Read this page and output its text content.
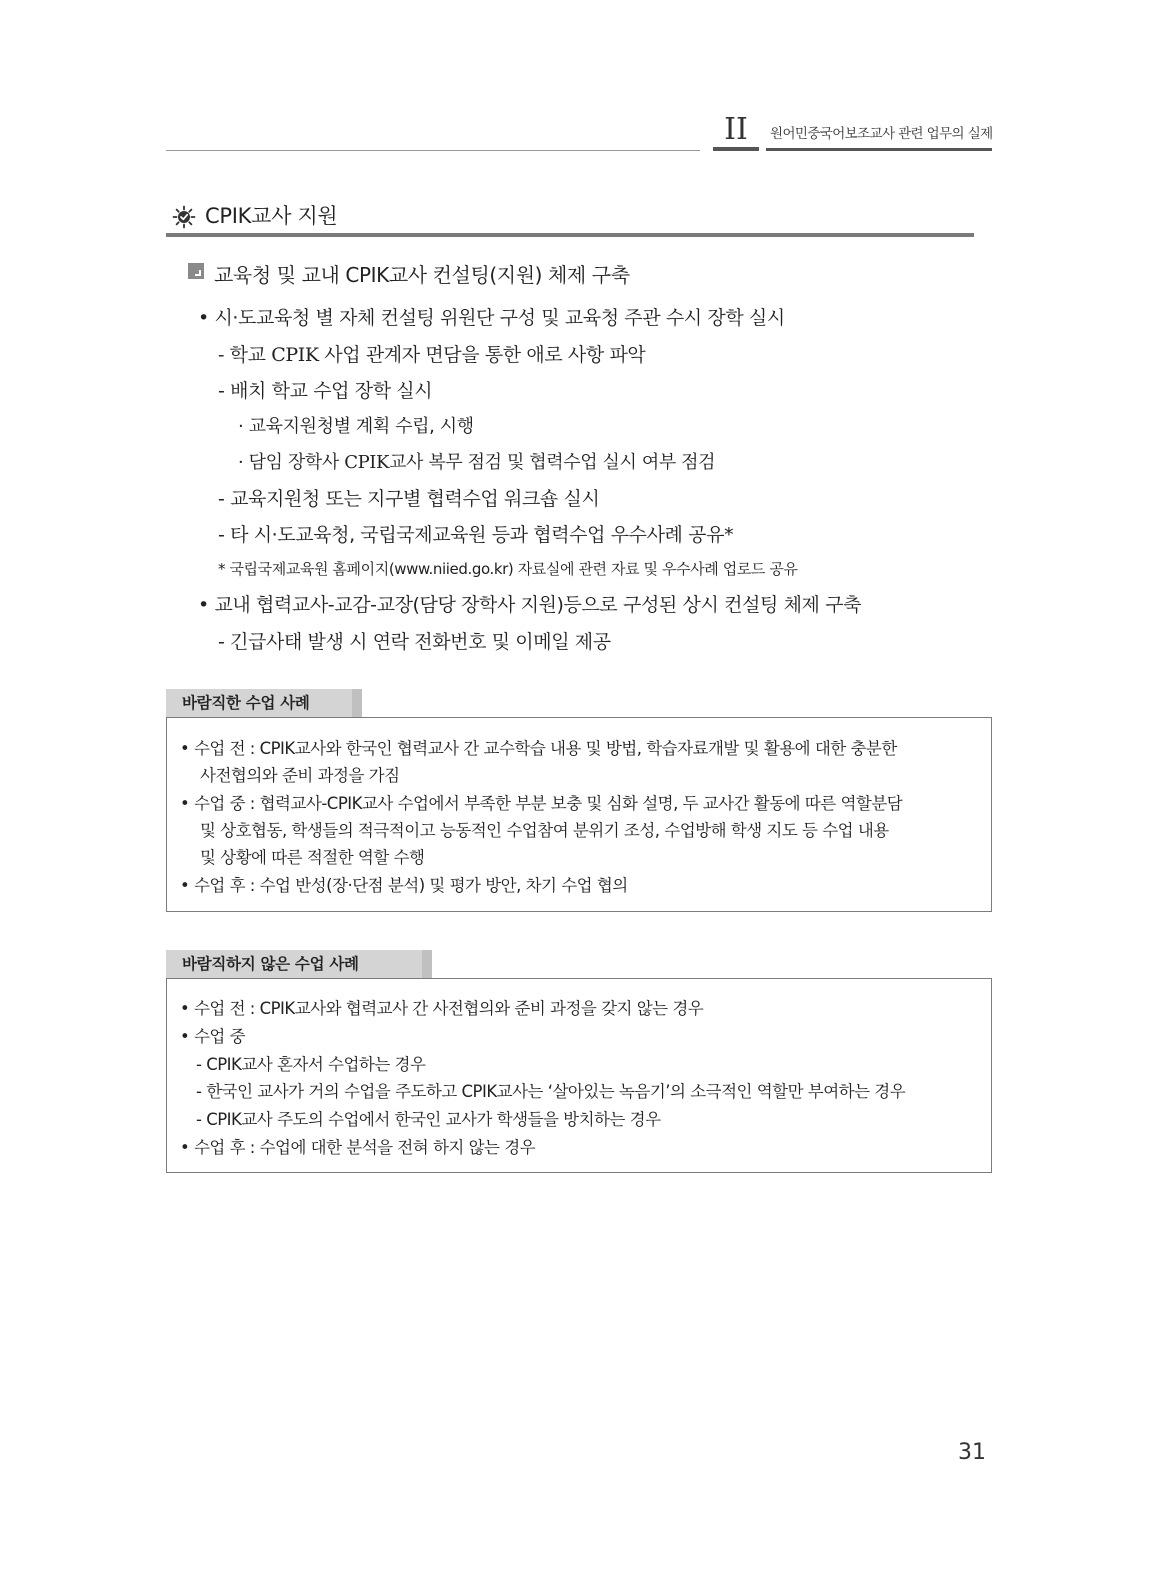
II	원어민중국어보조교사 관련 업무의 실제
CPIK교사 지원
교육청 및 교내 CPIK교사 컨설팅(지원) 체제 구축
• 시·도교육청 별 자체 컨설팅 위원단 구성 및 교육청 주관 수시 장학 실시
- 학교 CPIK 사업 관계자 면담을 통한 애로 사항 파악
- 배치 학교 수업 장학 실시
· 교육지원청별 계획 수립, 시행
· 담임 장학사 CPIK교사 복무 점검 및 협력수업 실시 여부 점검
- 교육지원청 또는 지구별 협력수업 워크숍 실시
- 타 시·도교육청, 국립국제교육원 등과 협력수업 우수사례 공유*
* 국립국제교육원 홈페이지(www.niied.go.kr) 자료실에 관련 자료 및 우수사례 업로드 공유
• 교내 협력교사-교감-교장(담당 장학사 지원)등으로 구성된 상시 컨설팅 체제 구축
- 긴급사태 발생 시 연락 전화번호 및 이메일 제공
바람직한 수업 사례
• 수업 전 : CPIK교사와 한국인 협력교사 간 교수학습 내용 및 방법, 학습자료개발 및 활용에 대한 충분한
사전협의와 준비 과정을 가짐
• 수업 중 : 협력교사-CPIK교사 수업에서 부족한 부분 보충 및 심화 설명, 두 교사간 활동에 따른 역할분담
및 상호협동, 학생들의 적극적이고 능동적인 수업참여 분위기 조성, 수업방해 학생 지도 등 수업 내용
및 상황에 따른 적절한 역할 수행
• 수업 후 : 수업 반성(장·단점 분석) 및 평가 방안, 차기 수업 협의
바람직하지 않은 수업 사례
• 수업 전 : CPIK교사와 협력교사 간 사전협의와 준비 과정을 갖지 않는 경우
• 수업 중
- CPIK교사 혼자서 수업하는 경우
- 한국인 교사가 거의 수업을 주도하고 CPIK교사는 ‘살아있는 녹음기’의 소극적인 역할만 부여하는 경우
- CPIK교사 주도의 수업에서 한국인 교사가 학생들을 방치하는 경우
• 수업 후 : 수업에 대한 분석을 전혀 하지 않는 경우
31
